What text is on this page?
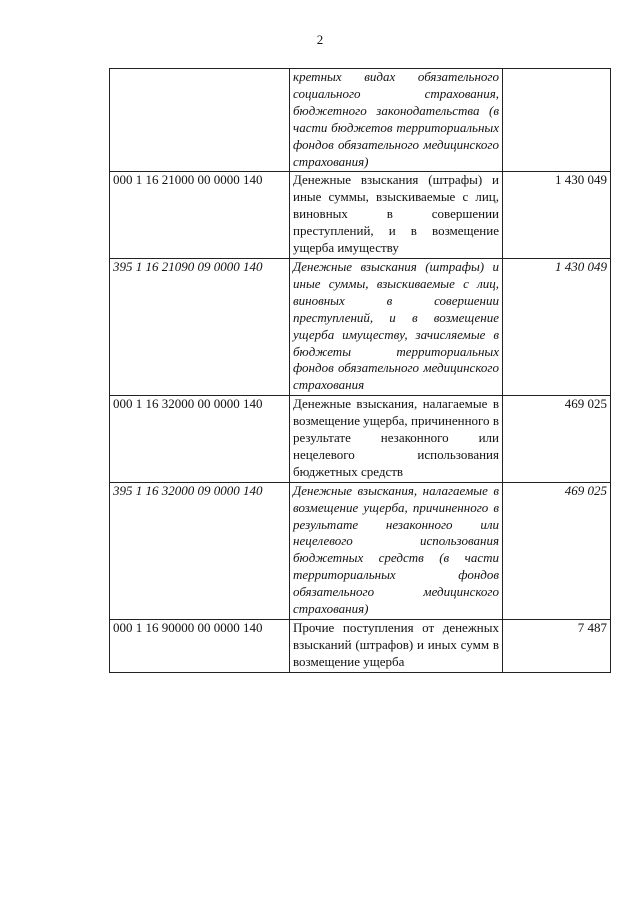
2
	кретных видах обязательного социального страхования, бюджетного законодательства (в части бюджетов территориальных фондов обязательного медицинского страхования)	
000 1 16 21000 00 0000 140	Денежные взыскания (штрафы) и иные суммы, взыскиваемые с лиц, виновных в совершении преступлений, и в возмещение ущерба имуществу	1 430 049
395 1 16 21090 09 0000 140	Денежные взыскания (штрафы) и иные суммы, взыскиваемые с лиц, виновных в совершении преступлений, и в возмещение ущерба имуществу, зачисляемые в бюджеты территориальных фондов обязательного медицинского страхования	1 430 049
000 1 16 32000 00 0000 140	Денежные взыскания, налагаемые в возмещение ущерба, причиненного в результате незаконного или нецелевого использования бюджетных средств	469 025
395 1 16 32000 09 0000 140	Денежные взыскания, налагаемые в возмещение ущерба, причиненного в результате незаконного или нецелевого использования бюджетных средств (в части территориальных фондов обязательного медицинского страхования)	469 025
000 1 16 90000 00 0000 140	Прочие поступления от денежных взысканий (штрафов) и иных сумм в возмещение ущерба	7 487
